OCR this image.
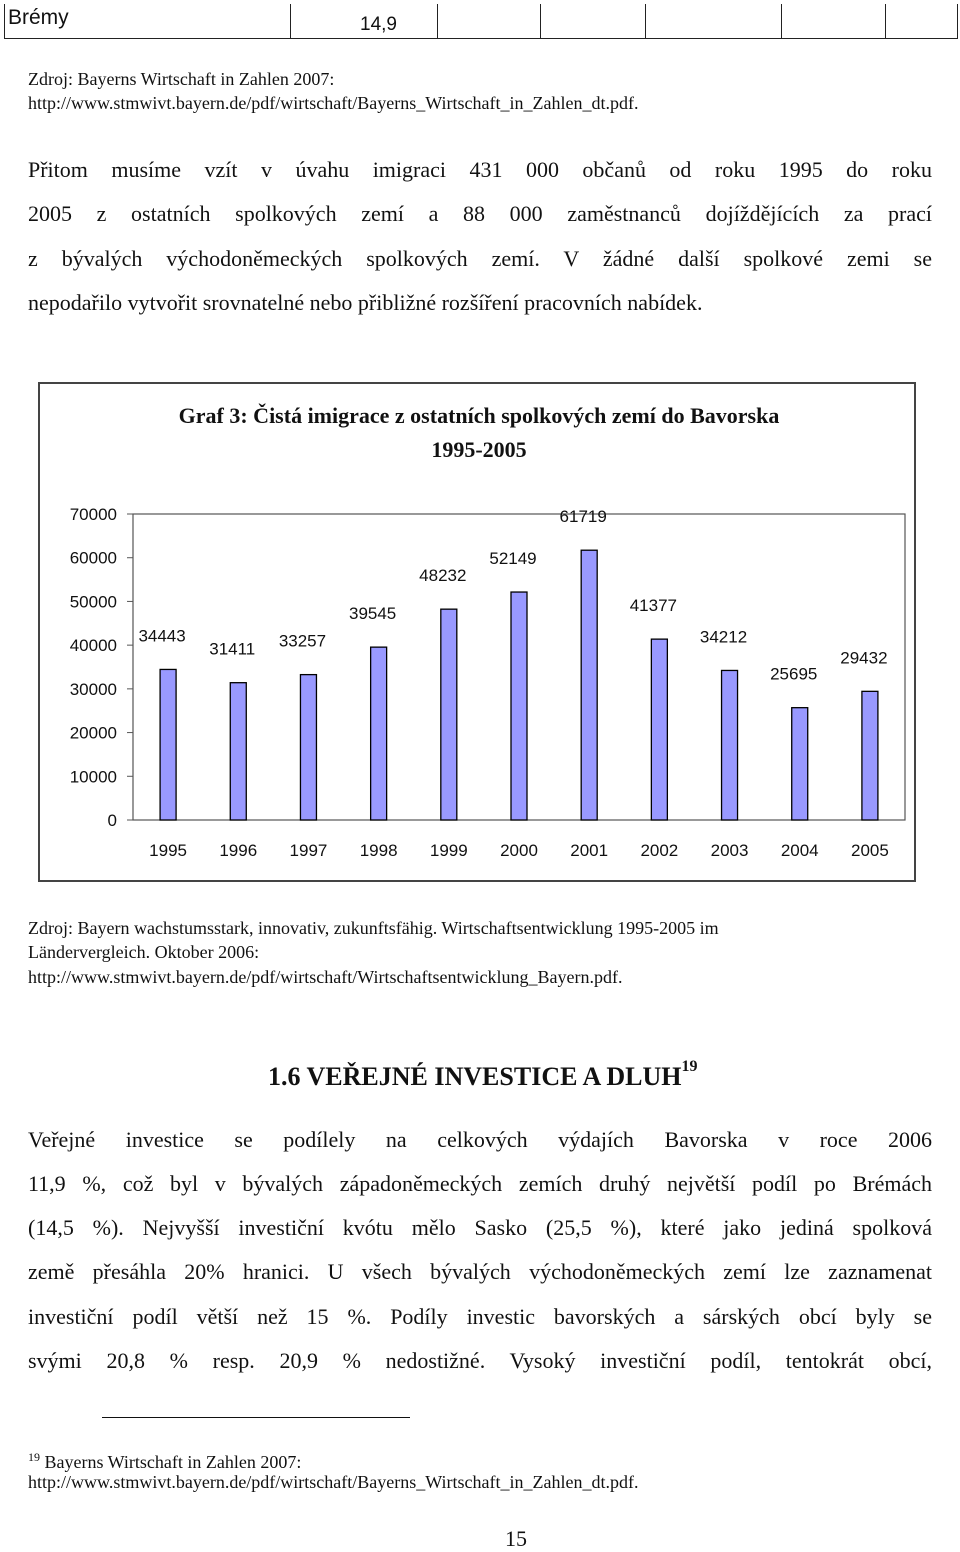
Brémy	14,9
Zdroj: Bayerns Wirtschaft in Zahlen 2007:
http://www.stmwivt.bayern.de/pdf/wirtschaft/Bayerns_Wirtschaft_in_Zahlen_dt.pdf.
Přitom musíme vzít v úvahu imigraci 431 000 občanů od roku 1995 do roku
2005 z ostatních spolkových zemí a 88 000 zaměstnanců dojíždějících za prací
z bývalých východoněmeckých spolkových zemí. V žádné další spolkové zemi se
nepodařilo vytvořit srovnatelné nebo přibližné rozšíření pracovních nabídek.
Graf 3: Čistá imigrace z ostatních spolkových zemí do Bavorska
1995-2005
70000
60000
50000
40000
30000
20000
10000
0
34443
1995
31411
1996
33257
1997
39545
1998
48232
1999
52149
2000
61719
2001
41377
2002
34212
2003
25695
2004
29432
2005
Zdroj: Bayern wachstumsstark, innovativ, zukunftsfähig. Wirtschaftsentwicklung 1995-2005 im
Ländervergleich. Oktober 2006:
http://www.stmwivt.bayern.de/pdf/wirtschaft/Wirtschaftsentwicklung_Bayern.pdf.
1.6 VEŘEJNÉ INVESTICE A DLUH$^{19}$
Veřejné investice se podílely na celkových výdajích Bavorska v roce 2006
11,9 %, což byl v bývalých západoněmeckých zemích druhý největší podíl po Brémách
(14,5 %). Nejvyšší investiční kvótu mělo Sasko (25,5 %), které jako jediná spolková
země přesáhla 20% hranici. U všech bývalých východoněmeckých zemí lze zaznamenat
investiční podíl větší než 15 %. Podíly investic bavorských a sárských obcí byly se
svými 20,8 % resp. 20,9 % nedostižné. Vysoký investiční podíl, tentokrát obcí,
$^{19}$ Bayerns Wirtschaft in Zahlen 2007:
http://www.stmwivt.bayern.de/pdf/wirtschaft/Bayerns_Wirtschaft_in_Zahlen_dt.pdf.
15
